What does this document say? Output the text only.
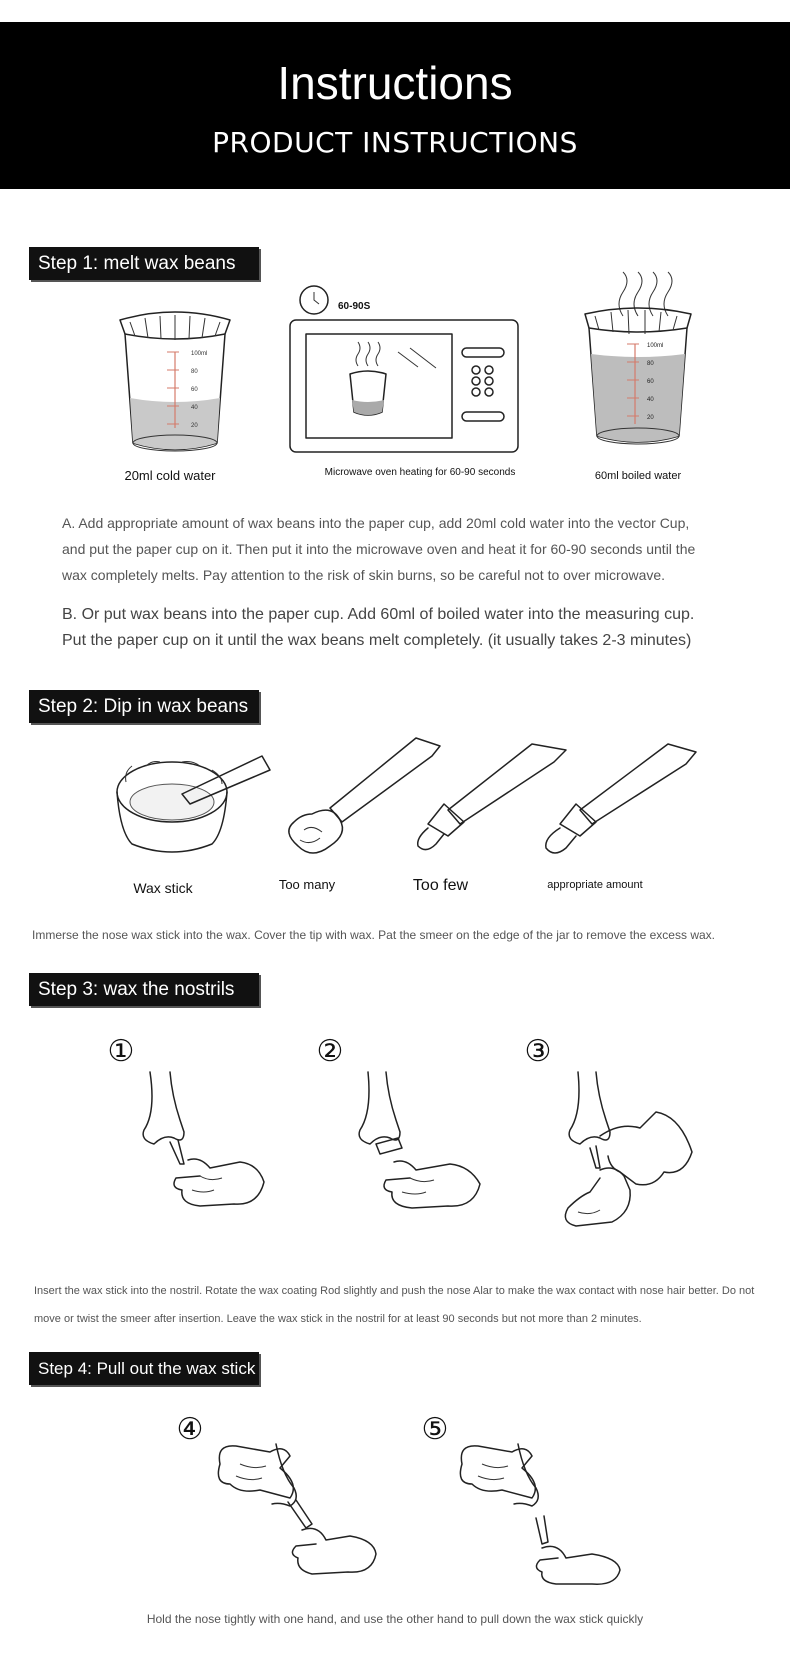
Instructions
PRODUCT INSTRUCTIONS
Step 1: melt wax beans
100ml
80
60
40
20
20ml cold water
60-90S
Microwave oven heating for 60-90 seconds
100ml
80
60
40
20
60ml boiled water
A. Add appropriate amount of wax beans into the paper cup, add 20ml cold water into the vector Cup,
and put the paper cup on it. Then put it into the microwave oven and heat it for 60-90 seconds until the
wax completely melts. Pay attention to the risk of skin burns, so be careful not to over microwave.
B. Or put wax beans into the paper cup. Add 60ml of boiled water into the measuring cup.
Put the paper cup on it until the wax beans melt completely. (it usually takes 2-3 minutes)
Step 2: Dip in wax beans
Wax stick	Too many	Too few	appropriate amount
Immerse the nose wax stick into the wax. Cover the tip with wax. Pat the smeer on the edge of the jar to remove the excess wax.
Step 3: wax the nostrils
①	②	③
Insert the wax stick into the nostril. Rotate the wax coating Rod slightly and push the nose Alar to make the wax contact with nose hair better. Do not
move or twist the smeer after insertion. Leave the wax stick in the nostril for at least 90 seconds but not more than 2 minutes.
Step 4: Pull out the wax stick
④	⑤
Hold the nose tightly with one hand, and use the other hand to pull down the wax stick quickly
